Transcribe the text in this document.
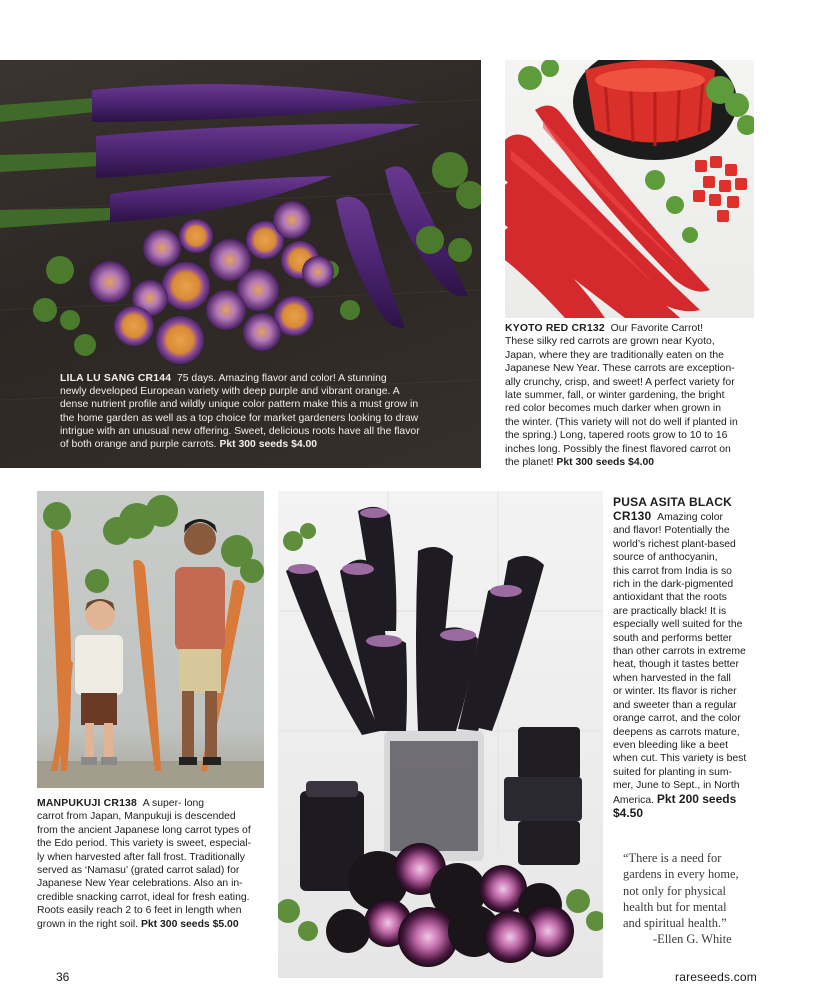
LILA LU SANG CR144 75 days. Amazing flavor and color! A stunning
newly developed European variety with deep purple and vibrant orange. A
dense nutrient profile and wildly unique color pattern make this a must grow in
the home garden as well as a top choice for market gardeners looking to draw
intrigue with an unusual new offering. Sweet, delicious roots have all the flavor
of both orange and purple carrots. Pkt 300 seeds $4.00
KYOTO RED CR132 Our Favorite Carrot!
These silky red carrots are grown near Kyoto,
Japan, where they are traditionally eaten on the
Japanese New Year. These carrots are exception-
ally crunchy, crisp, and sweet! A perfect variety for
late summer, fall, or winter gardening, the bright
red color becomes much darker when grown in
the winter. (This variety will not do well if planted in
the spring.) Long, tapered roots grow to 10 to 16
inches long. Possibly the finest flavored carrot on
the planet! Pkt 300 seeds $4.00
MANPUKUJI CR138 A super- long
carrot from Japan, Manpukuji is descended
from the ancient Japanese long carrot types of
the Edo period. This variety is sweet, especial-
ly when harvested after fall frost. Traditionally
served as ‘Namasu’ (grated carrot salad) for
Japanese New Year celebrations. Also an in-
credible snacking carrot, ideal for fresh eating.
Roots easily reach 2 to 6 feet in length when
grown in the right soil. Pkt 300 seeds $5.00
PUSA ASITA BLACK
CR130 Amazing color
and flavor! Potentially the
world’s richest plant-based
source of anthocyanin,
this carrot from India is so
rich in the dark-pigmented
antioxidant that the roots
are practically black! It is
especially well suited for the
south and performs better
than other carrots in extreme
heat, though it tastes better
when harvested in the fall
or winter. Its flavor is richer
and sweeter than a regular
orange carrot, and the color
deepens as carrots mature,
even bleeding like a beet
when cut. This variety is best
suited for planting in sum-
mer, June to Sept., in North
America. Pkt 200 seeds
$4.50
“There is a need for
gardens in every home,
not only for physical
health but for mental
and spiritual health.”
-Ellen G. White
36	rareseeds.com
